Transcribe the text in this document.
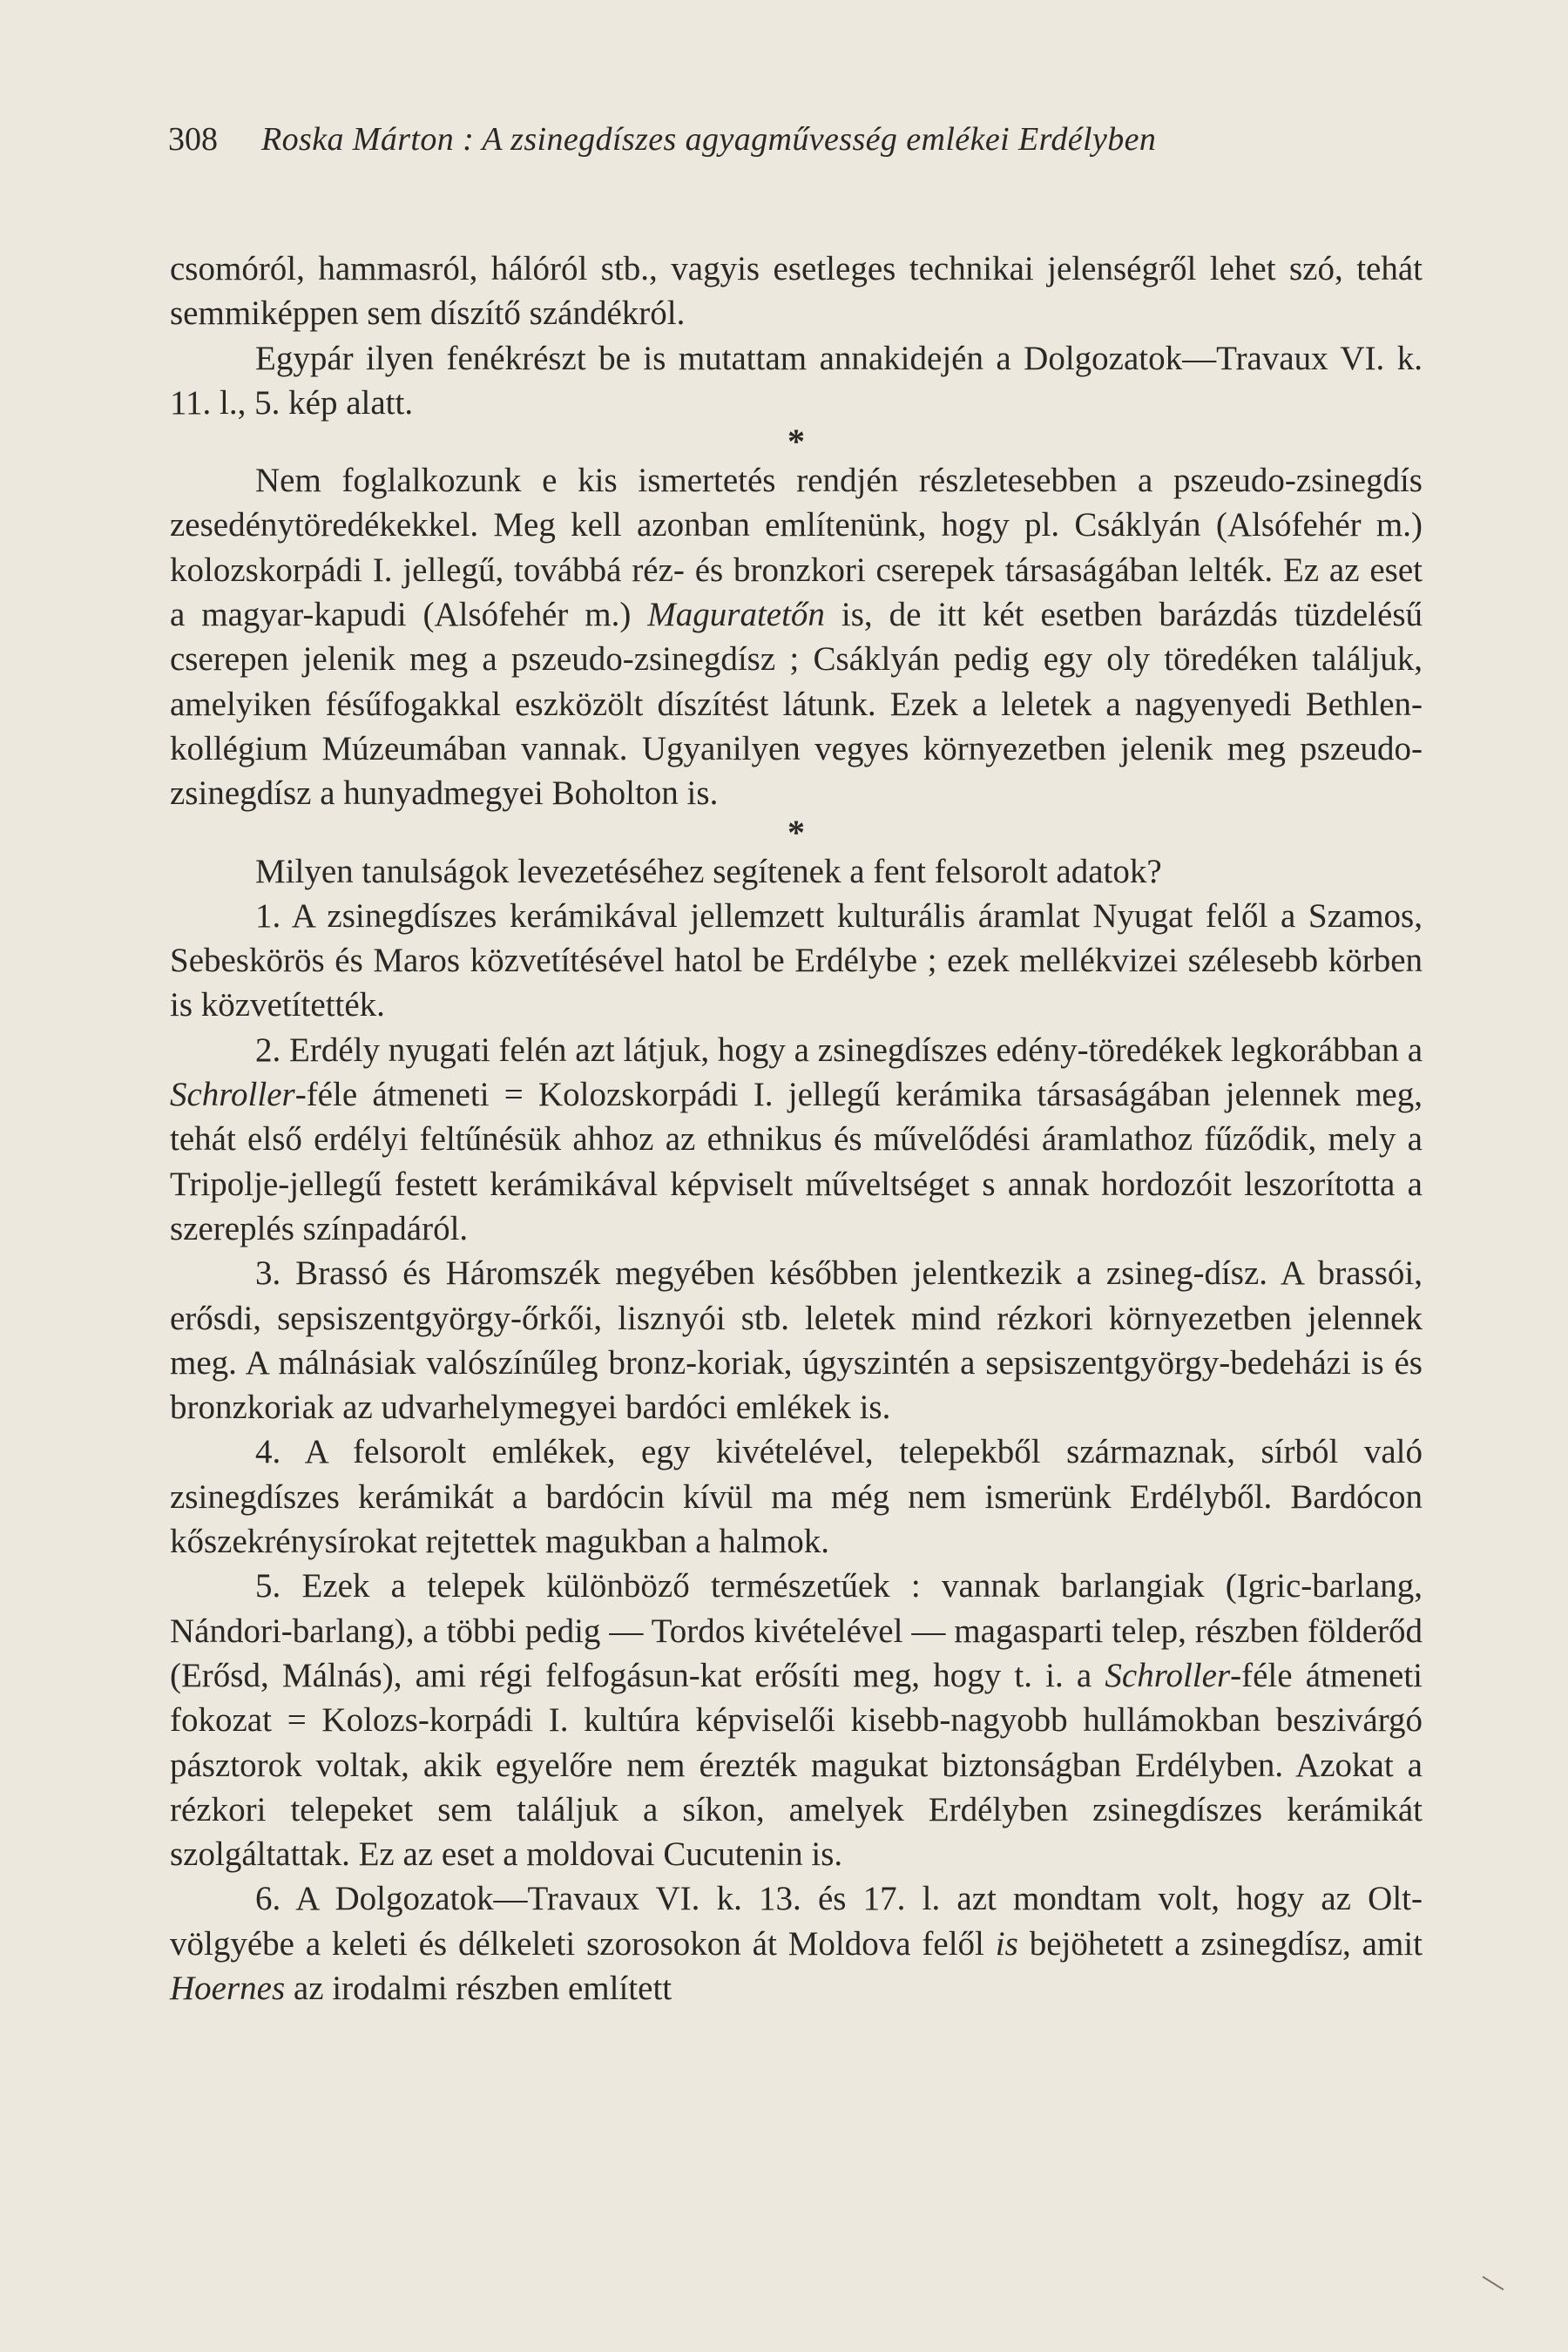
308 Roska Márton : A zsinegdíszes agyagművesség emlékei Erdélyben

csomóról, hammasról, hálóról stb., vagyis esetleges technikai jelenségről lehet szó, tehát semmiképpen sem díszítő szándékról.

Egypár ilyen fenékrészt be is mutattam annakidején a Dolgozatok—Travaux VI. k. 11. l., 5. kép alatt.

*

Nem foglalkozunk e kis ismertetés rendjén részletesebben a pszeudo-zsinegdís zesedénytöredékekkel. Meg kell azonban említenünk, hogy pl. Csáklyán (Alsófehér m.) kolozskorpádi I. jellegű, továbbá réz- és bronzkori cserepek társaságában lelték. Ez az eset a magyar-kapudi (Alsófehér m.) Maguratetőn is, de itt két esetben barázdás tüzdelésű cserepen jelenik meg a pszeudo-zsinegdísz ; Csáklyán pedig egy oly töredéken találjuk, amelyiken fésűfogakkal eszközölt díszítést látunk. Ezek a leletek a nagyenyedi Bethlen-kollégium Múzeumában vannak. Ugyanilyen vegyes környezetben jelenik meg pszeudo-zsinegdísz a hunyadmegyei Boholton is.

*

Milyen tanulságok levezetéséhez segítenek a fent felsorolt adatok?

1. A zsinegdíszes kerámikával jellemzett kulturális áramlat Nyugat felől a Szamos, Sebeskörös és Maros közvetítésével hatol be Erdélybe ; ezek mellékvizei szélesebb körben is közvetítették.

2. Erdély nyugati felén azt látjuk, hogy a zsinegdíszes edény-töredékek legkorábban a Schroller-féle átmeneti = Kolozskorpádi I. jellegű kerámika társaságában jelennek meg, tehát első erdélyi feltűnésük ahhoz az ethnikus és művelődési áramlathoz fűződik, mely a Tripolje-jellegű festett kerámikával képviselt műveltséget s annak hordozóit leszorította a szereplés színpadáról.

3. Brassó és Háromszék megyében későbben jelentkezik a zsineg-dísz. A brassói, erősdi, sepsiszentgyörgy-őrkői, lisznyói stb. leletek mind rézkori környezetben jelennek meg. A málnásiak valószínűleg bronz-koriak, úgyszintén a sepsiszentgyörgy-bedeházi is és bronzkoriak az udvarhelymegyei bardóci emlékek is.

4. A felsorolt emlékek, egy kivételével, telepekből származnak, sírból való zsinegdíszes kerámikát a bardócin kívül ma még nem ismerünk Erdélyből. Bardócon kőszekrénysírokat rejtettek magukban a halmok.

5. Ezek a telepek különböző természetűek : vannak barlangiak (Igric-barlang, Nándori-barlang), a többi pedig — Tordos kivételével — magasparti telep, részben földerőd (Erősd, Málnás), ami régi felfogásun-kat erősíti meg, hogy t. i. a Schroller-féle átmeneti fokozat = Kolozs-korpádi I. kultúra képviselői kisebb-nagyobb hullámokban beszivárgó pásztorok voltak, akik egyelőre nem érezték magukat biztonságban Erdélyben. Azokat a rézkori telepeket sem találjuk a síkon, amelyek Erdélyben zsinegdíszes kerámikát szolgáltattak. Ez az eset a moldovai Cucutenin is.

6. A Dolgozatok—Travaux VI. k. 13. és 17. l. azt mondtam volt, hogy az Olt-völgyébe a keleti és délkeleti szorosokon át Moldova felől is bejöhetett a zsinegdísz, amit Hoernes az irodalmi részben említett
